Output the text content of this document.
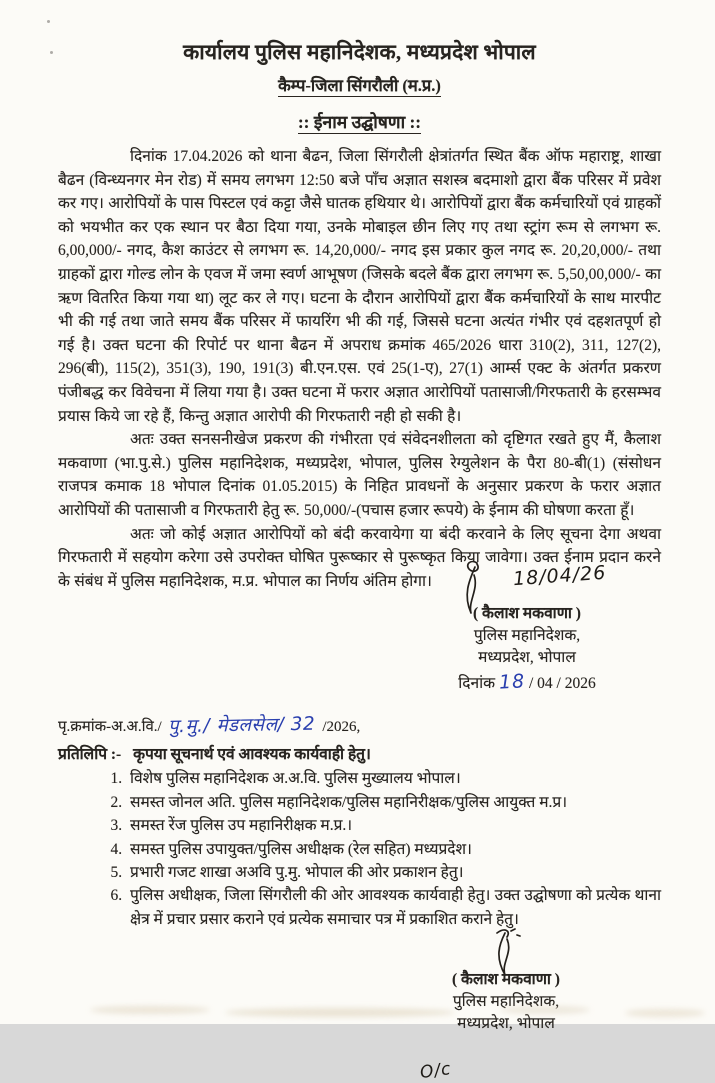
कार्यालय पुलिस महानिदेशक, मध्यप्रदेश भोपाल
कैम्प-जिला सिंगरौली (म.प्र.)
:: ईनाम उद्घोषणा ::

दिनांक 17.04.2026 को थाना बैढन, जिला सिंगरौली क्षेत्रांतर्गत स्थित बैंक ऑफ महाराष्ट्र, शाखा बैढन (विन्ध्यनगर मेन रोड) में समय लगभग 12:50 बजे पाँच अज्ञात सशस्त्र बदमाशो द्वारा बैंक परिसर में प्रवेश कर गए। आरोपियों के पास पिस्टल एवं कट्टा जैसे घातक हथियार थे। आरोपियों द्वारा बैंक कर्मचारियों एवं ग्राहकों को भयभीत कर एक स्थान पर बैठा दिया गया, उनके मोबाइल छीन लिए गए तथा स्ट्रांग रूम से लगभग रू. 6,00,000/- नगद, कैश काउंटर से लगभग रू. 14,20,000/- नगद इस प्रकार कुल नगद रू. 20,20,000/- तथा ग्राहकों द्वारा गोल्ड लोन के एवज में जमा स्वर्ण आभूषण (जिसके बदले बैंक द्वारा लगभग रू. 5,50,00,000/- का ऋण वितरित किया गया था) लूट कर ले गए। घटना के दौरान आरोपियों द्वारा बैंक कर्मचारियों के साथ मारपीट भी की गई तथा जाते समय बैंक परिसर में फायरिंग भी की गई, जिससे घटना अत्यंत गंभीर एवं दहशतपूर्ण हो गई है। उक्त घटना की रिपोर्ट पर थाना बैढन में अपराध क्रमांक 465/2026 धारा 310(2), 311, 127(2), 296(बी), 115(2), 351(3), 190, 191(3) बी.एन.एस. एवं 25(1-ए), 27(1) आर्म्स एक्ट के अंतर्गत प्रकरण पंजीबद्ध कर विवेचना में लिया गया है। उक्त घटना में फरार अज्ञात आरोपियों पतासाजी/गिरफतारी के हरसम्भव प्रयास किये जा रहे हैं, किन्तु अज्ञात आरोपी की गिरफतारी नही हो सकी है।

अतः उक्त सनसनीखेज प्रकरण की गंभीरता एवं संवेदनशीलता को दृष्टिगत रखते हुए मैं, कैलाश मकवाणा (भा.पु.से.) पुलिस महानिदेशक, मध्यप्रदेश, भोपाल, पुलिस रेग्युलेशन के पैरा 80-बी(1) (संसोधन राजपत्र कमाक 18 भोपाल दिनांक 01.05.2015) के निहित प्रावधनों के अनुसार प्रकरण के फरार अज्ञात आरोपियों की पतासाजी व गिरफतारी हेतु रू. 50,000/-(पचास हजार रूपये) के ईनाम की घोषणा करता हूँ।

अतः जो कोई अज्ञात आरोपियों को बंदी करवायेगा या बंदी करवाने के लिए सूचना देगा अथवा गिरफतारी में सहयोग करेगा उसे उपरोक्त घोषित पुरूष्कार से पुरूष्कृत किया जावेगा। उक्त ईनाम प्रदान करने के संबंध में पुलिस महानिदेशक, म.प्र. भोपाल का निर्णय अंतिम होगा।	18/04/26
( कैलाश मकवाणा )
पुलिस महानिदेशक,
मध्यप्रदेश, भोपाल
दिनांक 18 / 04 / 2026
पृ.क्रमांक-अ.अ.वि./ पु.मु./ मेडलसेल/ 32 /2026,
प्रतिलिपि :- कृपया सूचनार्थ एवं आवश्यक कार्यवाही हेतु।
1. विशेष पुलिस महानिदेशक अ.अ.वि. पुलिस मुख्यालय भोपाल।
2. समस्त जोनल अति. पुलिस महानिदेशक/पुलिस महानिरीक्षक/पुलिस आयुक्त म.प्र।
3. समस्त रेंज पुलिस उप महानिरीक्षक म.प्र.।
4. समस्त पुलिस उपायुक्त/पुलिस अधीक्षक (रेल सहित) मध्यप्रदेश।
5. प्रभारी गजट शाखा अअवि पु.मु. भोपाल की ओर प्रकाशन हेतु।
6. पुलिस अधीक्षक, जिला सिंगरौली की ओर आवश्यक कार्यवाही हेतु। उक्त उद्घोषणा को प्रत्येक थाना क्षेत्र में प्रचार प्रसार कराने एवं प्रत्येक समाचार पत्र में प्रकाशित कराने हेतु।
( कैलाश मकवाणा )
पुलिस महानिदेशक,
मध्यप्रदेश, भोपाल
O/c
